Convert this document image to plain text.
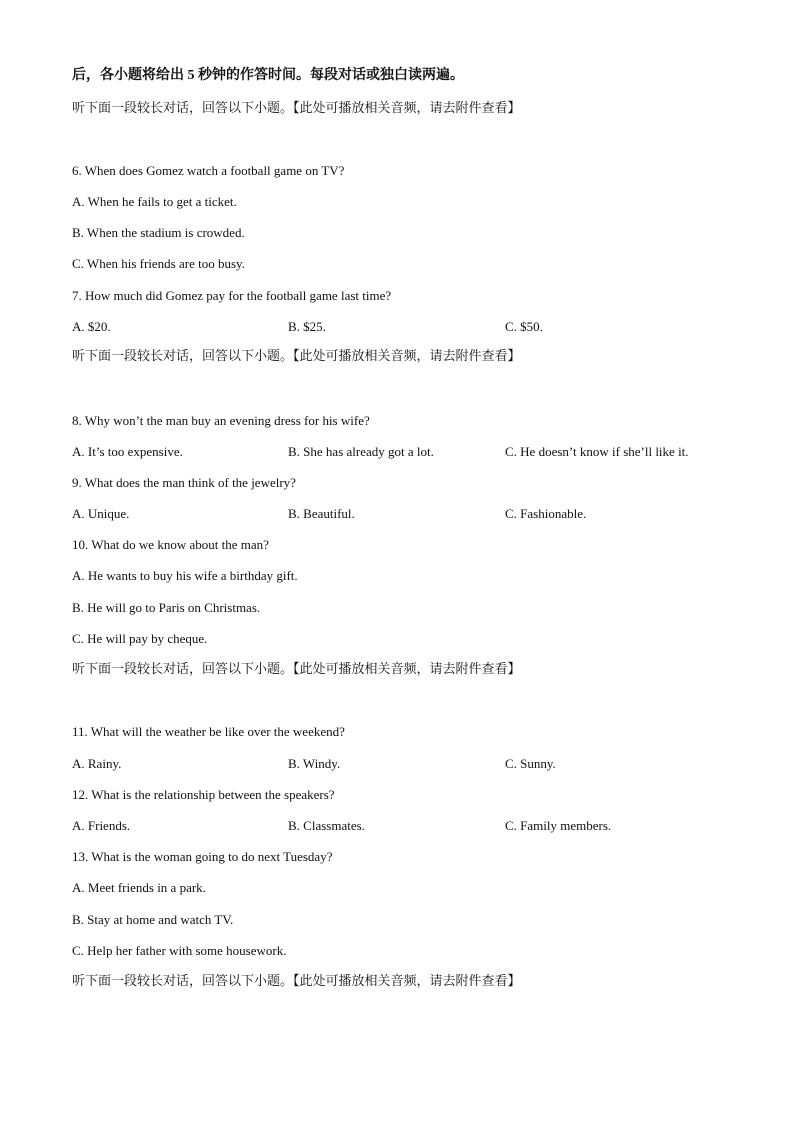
后，各小题将给出 5 秒钟的作答时间。每段对话或独白读两遍。
听下面一段较长对话，回答以下小题。【此处可播放相关音频，请去附件查看】
6. When does Gomez watch a football game on TV?
A. When he fails to get a ticket.
B. When the stadium is crowded.
C. When his friends are too busy.
7. How much did Gomez pay for the football game last time?
A. $20.	B. $25.	C. $50.
听下面一段较长对话，回答以下小题。【此处可播放相关音频，请去附件查看】
8. Why won’t the man buy an evening dress for his wife?
A. It’s too expensive.	B. She has already got a lot.	C. He doesn’t know if she’ll like it.
9. What does the man think of the jewelry?
A. Unique.	B. Beautiful.	C. Fashionable.
10. What do we know about the man?
A. He wants to buy his wife a birthday gift.
B. He will go to Paris on Christmas.
C. He will pay by cheque.
听下面一段较长对话，回答以下小题。【此处可播放相关音频，请去附件查看】
11. What will the weather be like over the weekend?
A. Rainy.	B. Windy.	C. Sunny.
12. What is the relationship between the speakers?
A. Friends.	B. Classmates.	C. Family members.
13. What is the woman going to do next Tuesday?
A. Meet friends in a park.
B. Stay at home and watch TV.
C. Help her father with some housework.
听下面一段较长对话，回答以下小题。【此处可播放相关音频，请去附件查看】
